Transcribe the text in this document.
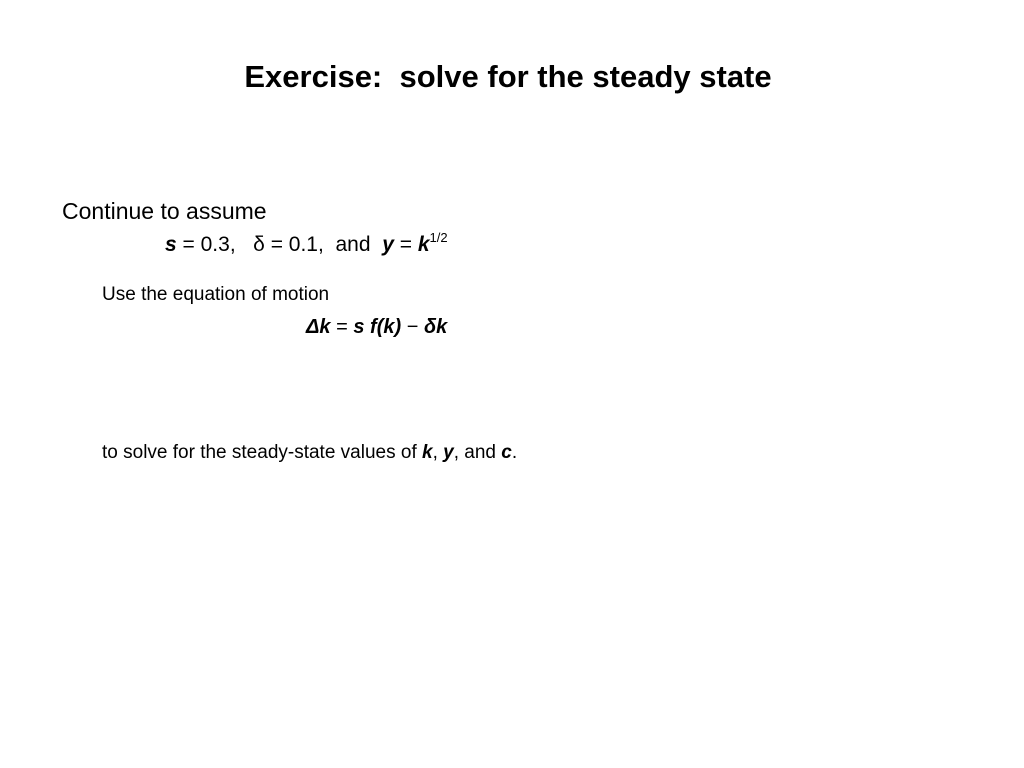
Exercise:  solve for the steady state
Continue to assume
s = 0.3,   δ = 0.1,  and  $y = k^{1/2}$
Use the equation of motion
Δk = s f(k) − δk
to solve for the steady-state values of k, y, and c.
